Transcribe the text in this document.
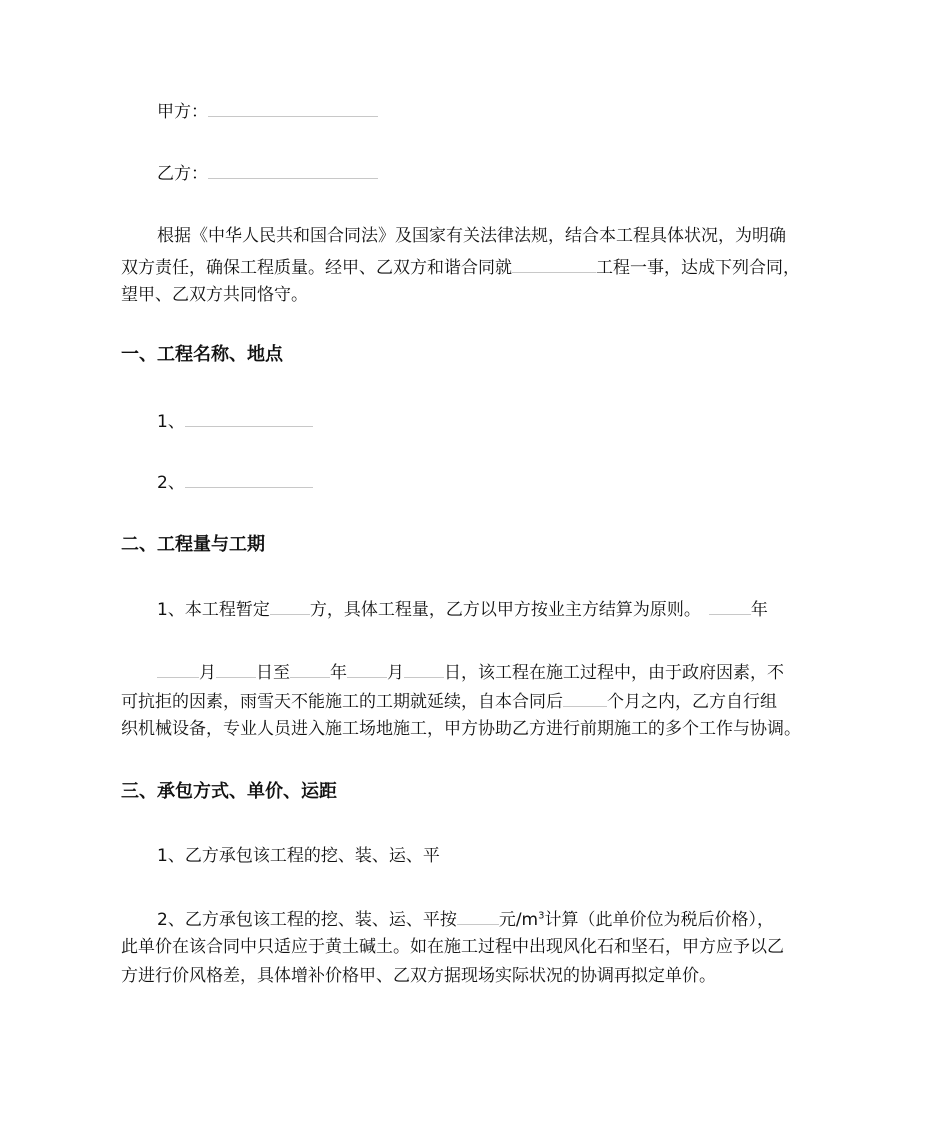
甲方：
乙方：
根据《中华人民共和国合同法》及国家有关法律法规，结合本工程具体状况，为明确
双方责任，确保工程质量。经甲、乙双方和谐合同就	工程一事，达成下列合同，
望甲、乙双方共同恪守。
一、工程名称、地点
1、
2、
二、工程量与工期
1、本工程暂定 方，具体工程量，乙方以甲方按业主方结算为原则。	年
月 日至 年 月 日，该工程在施工过程中，由于政府因素，不
可抗拒的因素，雨雪天不能施工的工期就延续，自本合同后	个月之内，乙方自行组
织机械设备，专业人员进入施工场地施工，甲方协助乙方进行前期施工的多个工作与协调。
三、承包方式、单价、运距
1、乙方承包该工程的挖、装、运、平
2、乙方承包该工程的挖、装、运、平按 元$/m^3$计算（此单价位为税后价格），
此单价在该合同中只适应于黄土碱土。如在施工过程中出现风化石和坚石，甲方应予以乙
方进行价风格差，具体增补价格甲、乙双方据现场实际状况的协调再拟定单价。
